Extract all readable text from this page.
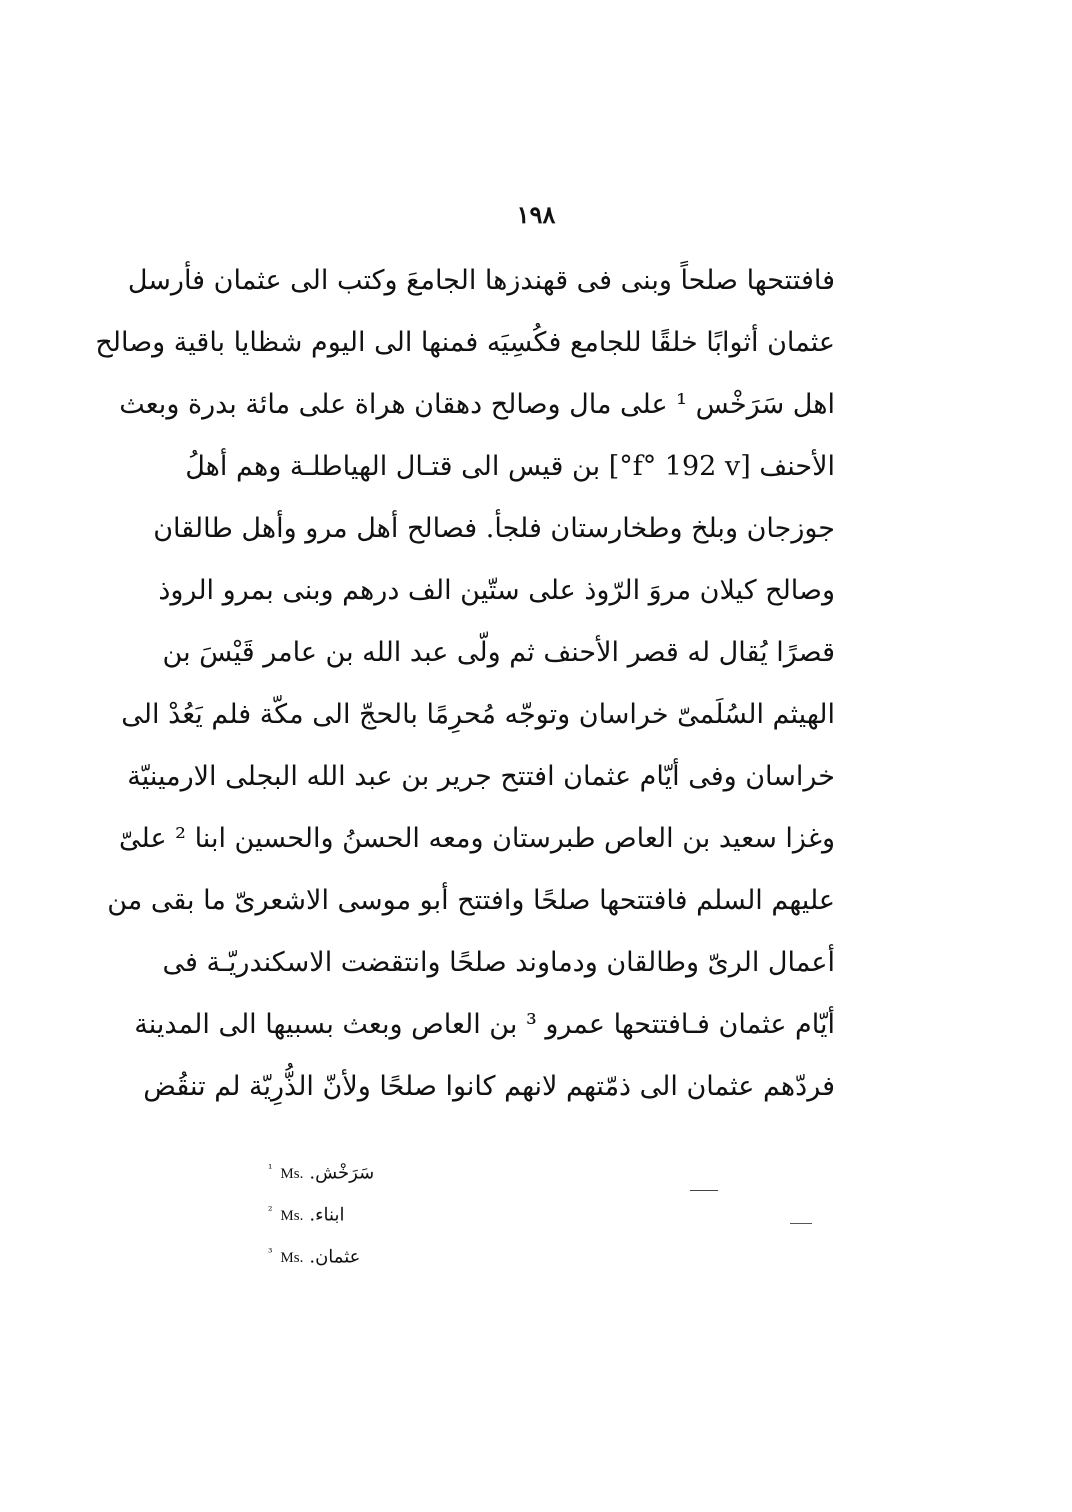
١٩٨
فافتتحها صلحاً وبنى فى قهندزها الجامعَ وكتب الى عثمان فأرسل
عثمان أثوابًا خلقًا للجامع فكُسِيَه فمنها الى اليوم شظايا باقية وصالح
اهل سَرَخْس ¹ على مال وصالح دهقان هراة على مائة بدرة وبعث
الأحنف [f° 192 v°] بن قيس الى قتـال الهياطلـة وهم أهلُ
جوزجان وبلخ وطخارستان فلجأ. فصالح أهل مرو وأهل طالقان
وصالح كيلان مروَ الرّوذ على ستّين الف درهم وبنى بمرو الروذ
قصرًا يُقال له قصر الأحنف ثم ولّى عبد الله بن عامر قَيْسَ بن
الهيثم السُلَمىّ خراسان وتوجّه مُحرِمًا بالحجّ الى مكّة فلم يَعُدْ الى
خراسان وفى أيّام عثمان افتتح جرير بن عبد الله البجلى الارمينيّة
وغزا سعيد بن العاص طبرستان ومعه الحسنُ والحسين ابنا ² علىّ
عليهم السلم فافتتحها صلحًا وافتتح أبو موسى الاشعرىّ ما بقى من
أعمال الرىّ وطالقان ودماوند صلحًا وانتقضت الاسكندريّـة فى
أيّام عثمان فـافتتحها عمرو ³ بن العاص وبعث بسبيها الى المدينة
فردّهم عثمان الى ذمّتهم لانهم كانوا صلحًا ولأنّ الذُّرِيّة لم تنقُض
$^{^1}$ Ms. سَرَخْش.
$^{^2}$ Ms. ابناء.
$^{^3}$ Ms. عثمان.
